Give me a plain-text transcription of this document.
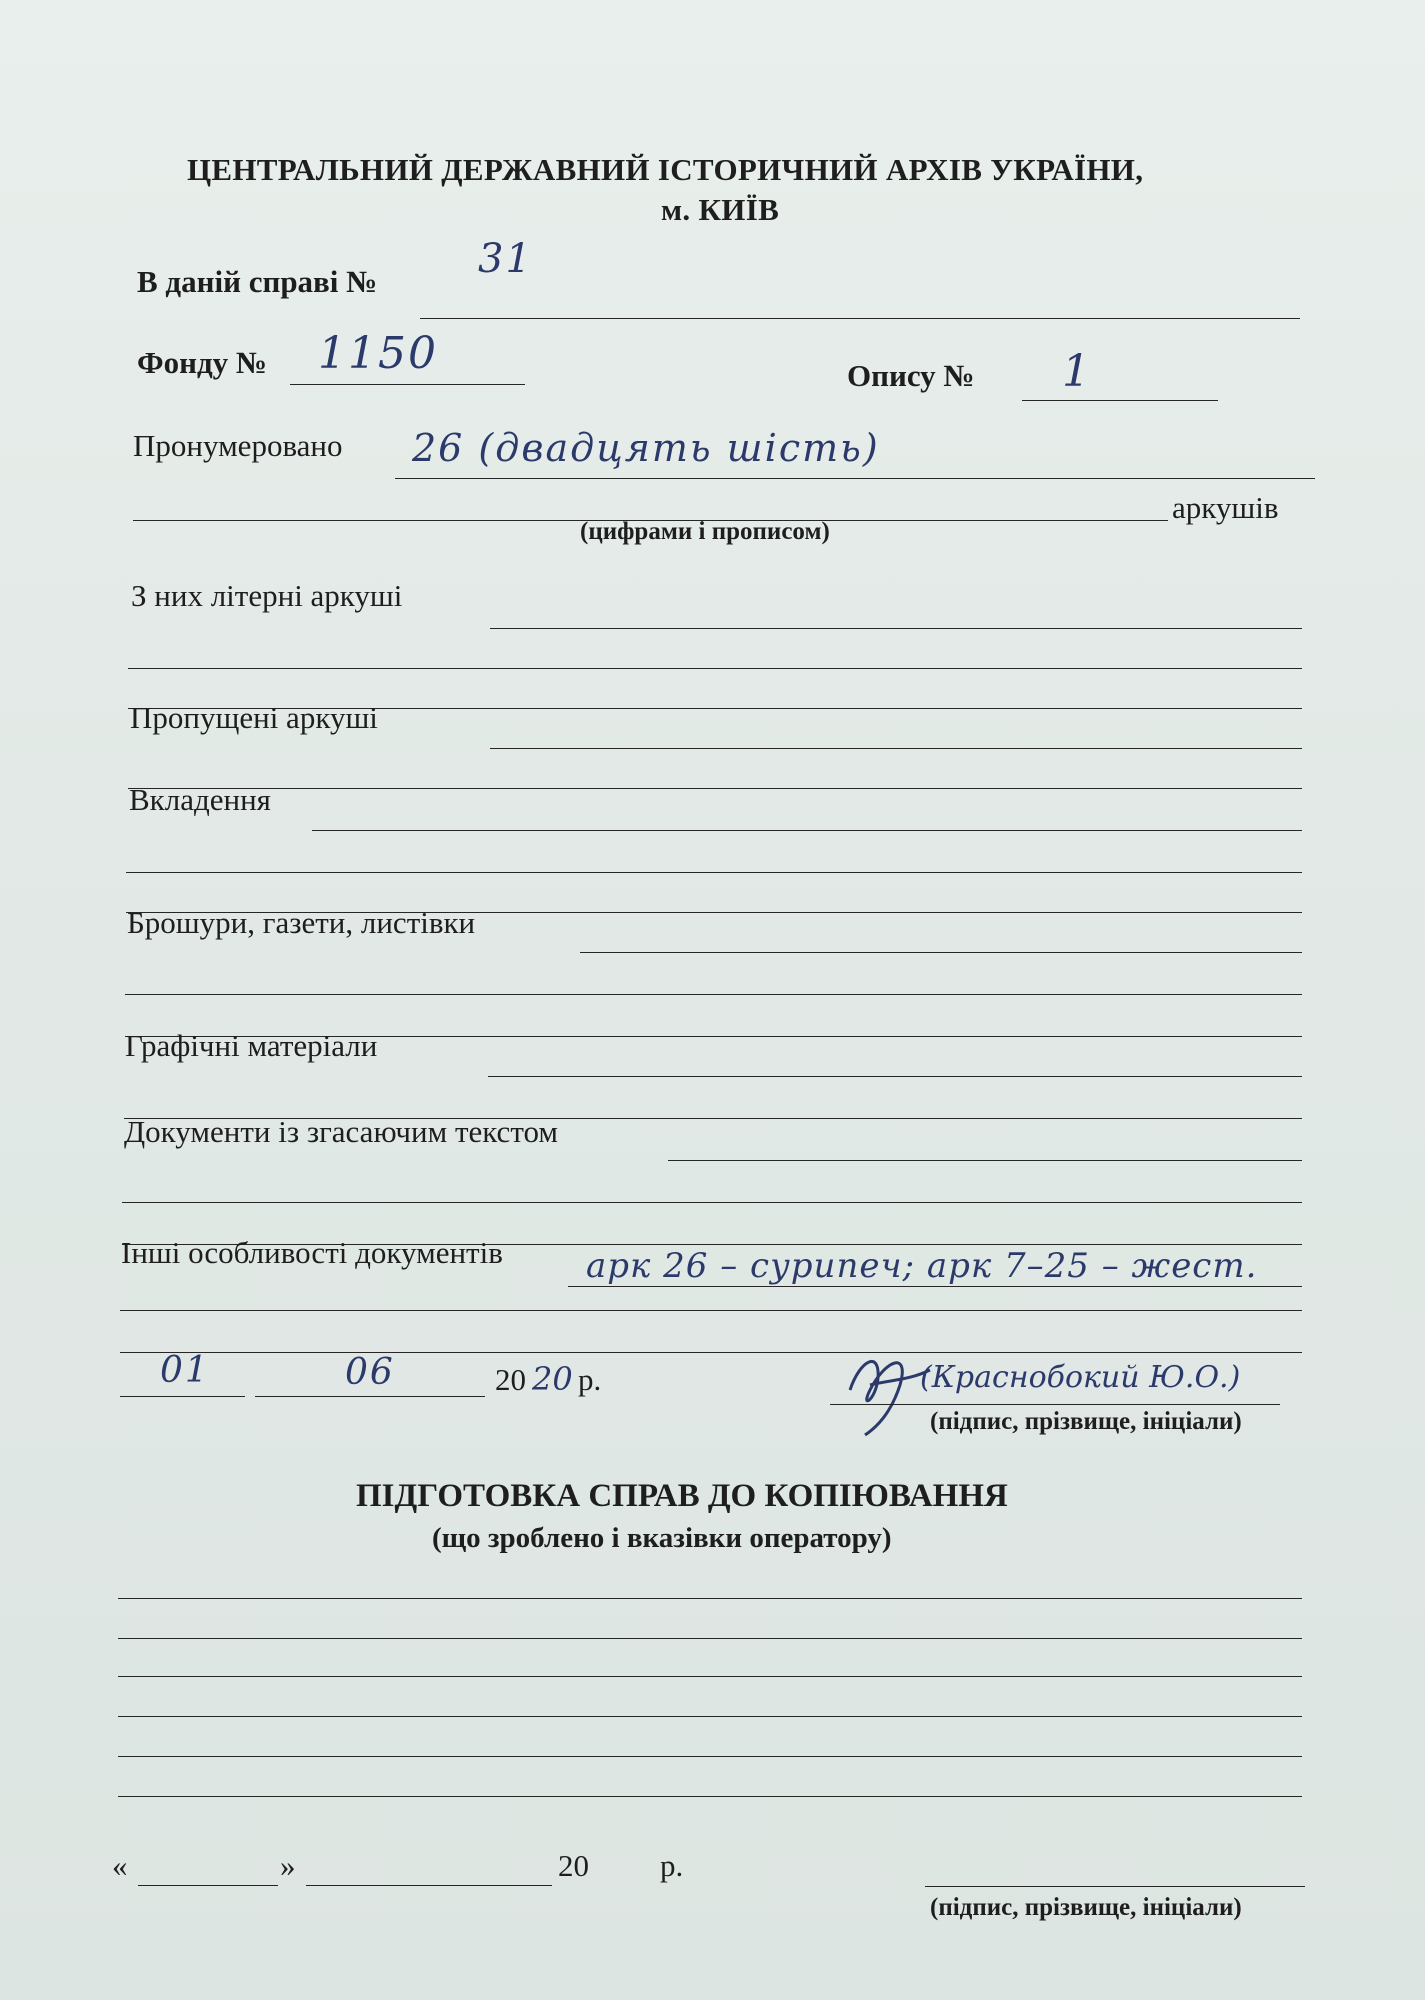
ЦЕНТРАЛЬНИЙ ДЕРЖАВНИЙ ІСТОРИЧНИЙ АРХІВ УКРАЇНИ,
м. КИЇВ
В даній справі №	31
Фонду № 1150	Опису № 1
Пронумеровано 26 (двадцять шість)
аркушів
(цифрами і прописом)
З них літерні аркуші
Пропущені аркуші
Вкладення
Брошури, газети, листівки
Графічні матеріали
Документи із згасаючим текстом
Інші особливості документів арк 26 – сурипеч; арк 7–25 – жест.
01	06	20 20 р.	(Краснобокий Ю.О.)
(підпис, прізвище, ініціали)
ПІДГОТОВКА СПРАВ ДО КОПІЮВАННЯ
(що зроблено і вказівки оператору)
«	»	20 р.
(підпис, прізвище, ініціали)
